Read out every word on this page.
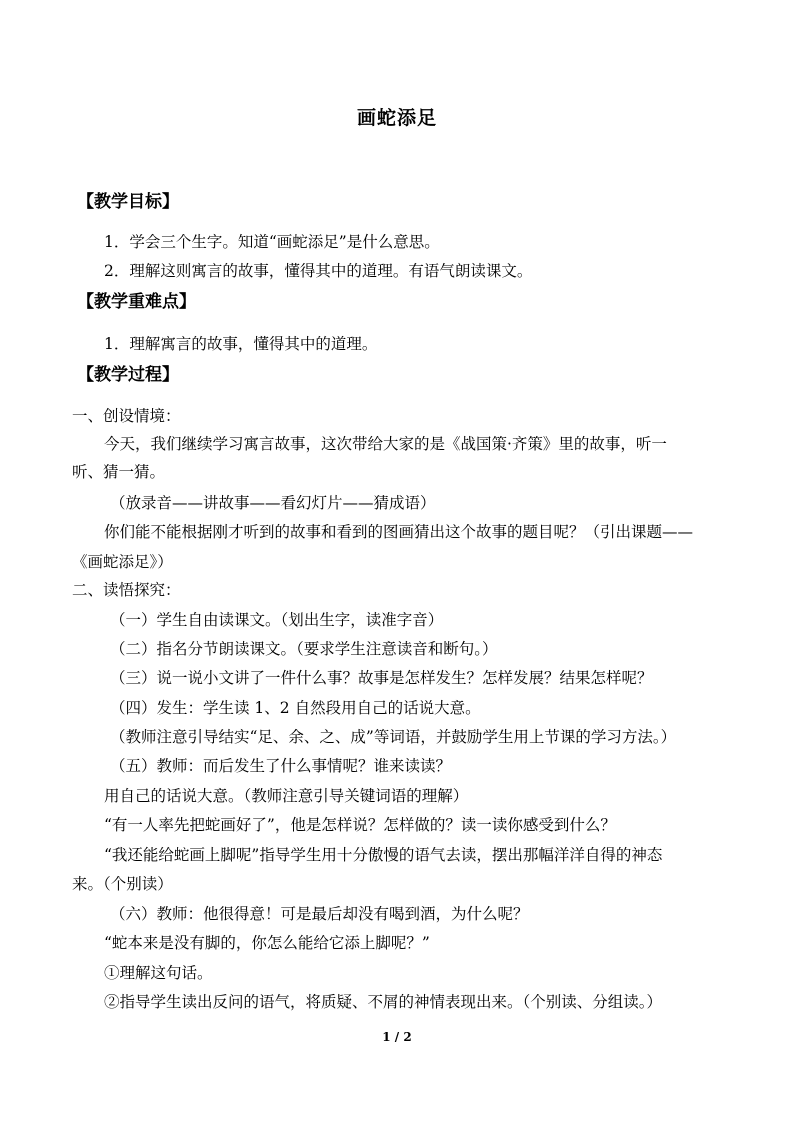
画蛇添足
【教学目标】
1．学会三个生字。知道“画蛇添足”是什么意思。
2．理解这则寓言的故事，懂得其中的道理。有语气朗读课文。
【教学重难点】
1．理解寓言的故事，懂得其中的道理。
【教学过程】
一、创设情境：
今天，我们继续学习寓言故事，这次带给大家的是《战国策·齐策》里的故事，听一
听、猜一猜。
（放录音——讲故事——看幻灯片——猜成语）
你们能不能根据刚才听到的故事和看到的图画猜出这个故事的题目呢？（引出课题——
《画蛇添足》）
二、读悟探究：
（一）学生自由读课文。（划出生字，读准字音）
（二）指名分节朗读课文。（要求学生注意读音和断句。）
（三）说一说小文讲了一件什么事？故事是怎样发生？怎样发展？结果怎样呢？
（四）发生：学生读 1、2 自然段用自己的话说大意。
（教师注意引导结实“足、余、之、成”等词语，并鼓励学生用上节课的学习方法。）
（五）教师：而后发生了什么事情呢？谁来读读？
用自己的话说大意。（教师注意引导关键词语的理解）
“有一人率先把蛇画好了”，他是怎样说？怎样做的？读一读你感受到什么？
“我还能给蛇画上脚呢”指导学生用十分傲慢的语气去读，摆出那幅洋洋自得的神态
来。（个别读）
（六）教师：他很得意！可是最后却没有喝到酒，为什么呢？
“蛇本来是没有脚的，你怎么能给它添上脚呢？”
①理解这句话。
②指导学生读出反问的语气，将质疑、不屑的神情表现出来。（个别读、分组读。）
1 / 2
